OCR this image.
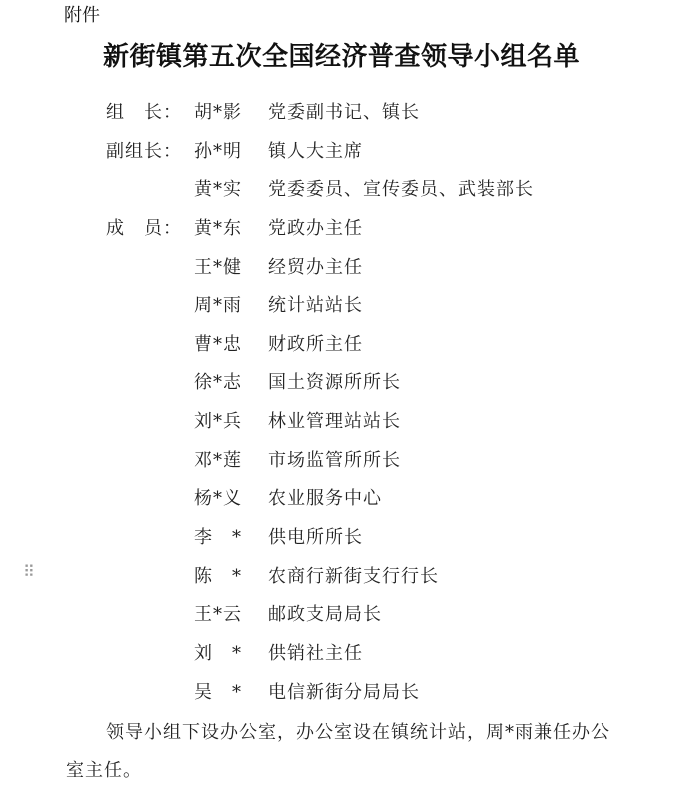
附件
新街镇第五次全国经济普查领导小组名单
组　长： 胡*影 党委副书记、镇长
副组长： 孙*明 镇人大主席
黄*实 党委委员、宣传委员、武装部长
成　员： 黄*东 党政办主任
王*健 经贸办主任
周*雨 统计站站长
曹*忠 财政所主任
徐*志 国土资源所所长
刘*兵 林业管理站站长
邓*莲 市场监管所所长
杨*义 农业服务中心
李　* 供电所所长
陈　* 农商行新街支行行长
王*云 邮政支局局长
刘　* 供销社主任
吴　* 电信新街分局局长
⠿

领导小组下设办公室，办公室设在镇统计站，周*雨兼任办公室主任。
